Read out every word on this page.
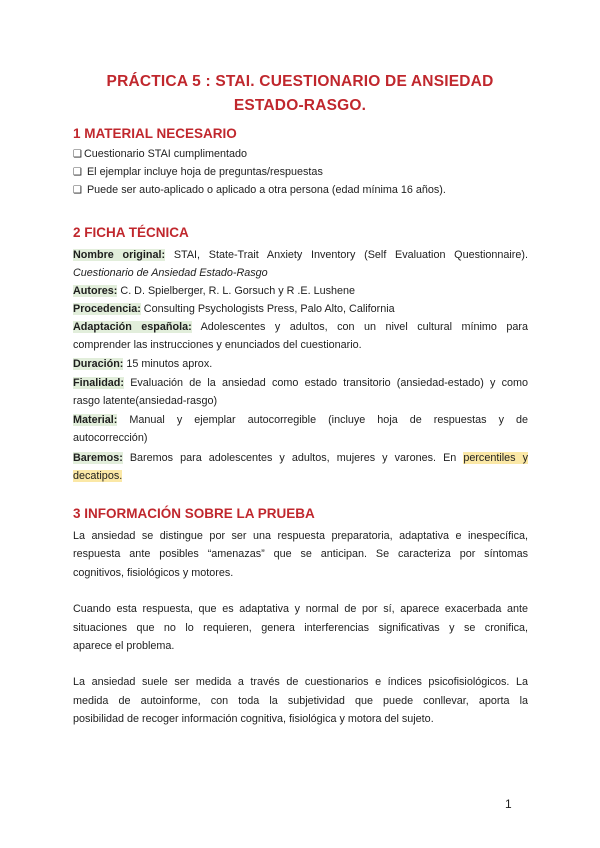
PRÁCTICA 5 : STAI. CUESTIONARIO DE ANSIEDAD

ESTADO-RASGO.

1 MATERIAL NECESARIO

❑ Cuestionario STAI cumplimentado

❑ El ejemplar incluye hoja de preguntas/respuestas

❑ Puede ser auto-aplicado o aplicado a otra persona (edad mínima 16 años).

2 FICHA TÉCNICA

Nombre original: STAI, State-Trait Anxiety Inventory (Self Evaluation Questionnaire).

Cuestionario de Ansiedad Estado-Rasgo

Autores: C. D. Spielberger, R. L. Gorsuch y R .E. Lushene

Procedencia: Consulting Psychologists Press, Palo Alto, California

Adaptación española: Adolescentes y adultos, con un nivel cultural mínimo para

comprender las instrucciones y enunciados del cuestionario.

Duración: 15 minutos aprox.

Finalidad: Evaluación de la ansiedad como estado transitorio (ansiedad-estado) y como

rasgo latente(ansiedad-rasgo)

Material: Manual y ejemplar autocorregible (incluye hoja de respuestas y de

autocorrección)

Baremos: Baremos para adolescentes y adultos, mujeres y varones. En percentiles y

decatipos.

3 INFORMACIÓN SOBRE LA PRUEBA

La ansiedad se distingue por ser una respuesta preparatoria, adaptativa e inespecífica,

respuesta ante posibles “amenazas” que se anticipan. Se caracteriza por síntomas

cognitivos, fisiológicos y motores.

Cuando esta respuesta, que es adaptativa y normal de por sí, aparece exacerbada ante

situaciones que no lo requieren, genera interferencias significativas y se cronifica,

aparece el problema.

La ansiedad suele ser medida a través de cuestionarios e índices psicofisiológicos. La

medida de autoinforme, con toda la subjetividad que puede conllevar, aporta la

posibilidad de recoger información cognitiva, fisiológica y motora del sujeto.

1
